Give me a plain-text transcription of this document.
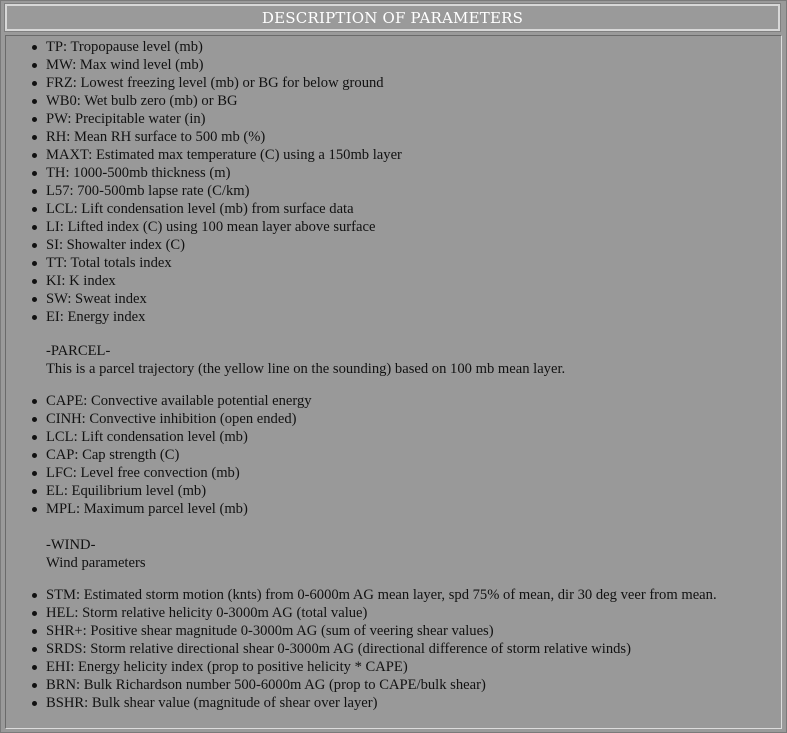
DESCRIPTION OF PARAMETERS
TP: Tropopause level (mb)
MW: Max wind level (mb)
FRZ: Lowest freezing level (mb) or BG for below ground
WB0: Wet bulb zero (mb) or BG
PW: Precipitable water (in)
RH: Mean RH surface to 500 mb (%)
MAXT: Estimated max temperature (C) using a 150mb layer
TH: 1000-500mb thickness (m)
L57: 700-500mb lapse rate (C/km)
LCL: Lift condensation level (mb) from surface data
LI: Lifted index (C) using 100 mean layer above surface
SI: Showalter index (C)
TT: Total totals index
KI: K index
SW: Sweat index
EI: Energy index
-PARCEL-
This is a parcel trajectory (the yellow line on the sounding) based on 100 mb mean layer.
CAPE: Convective available potential energy
CINH: Convective inhibition (open ended)
LCL: Lift condensation level (mb)
CAP: Cap strength (C)
LFC: Level free convection (mb)
EL: Equilibrium level (mb)
MPL: Maximum parcel level (mb)
-WIND-
Wind parameters
STM: Estimated storm motion (knts) from 0-6000m AG mean layer, spd 75% of mean, dir 30 deg veer from mean.
HEL: Storm relative helicity 0-3000m AG (total value)
SHR+: Positive shear magnitude 0-3000m AG (sum of veering shear values)
SRDS: Storm relative directional shear 0-3000m AG (directional difference of storm relative winds)
EHI: Energy helicity index (prop to positive helicity * CAPE)
BRN: Bulk Richardson number 500-6000m AG (prop to CAPE/bulk shear)
BSHR: Bulk shear value (magnitude of shear over layer)
